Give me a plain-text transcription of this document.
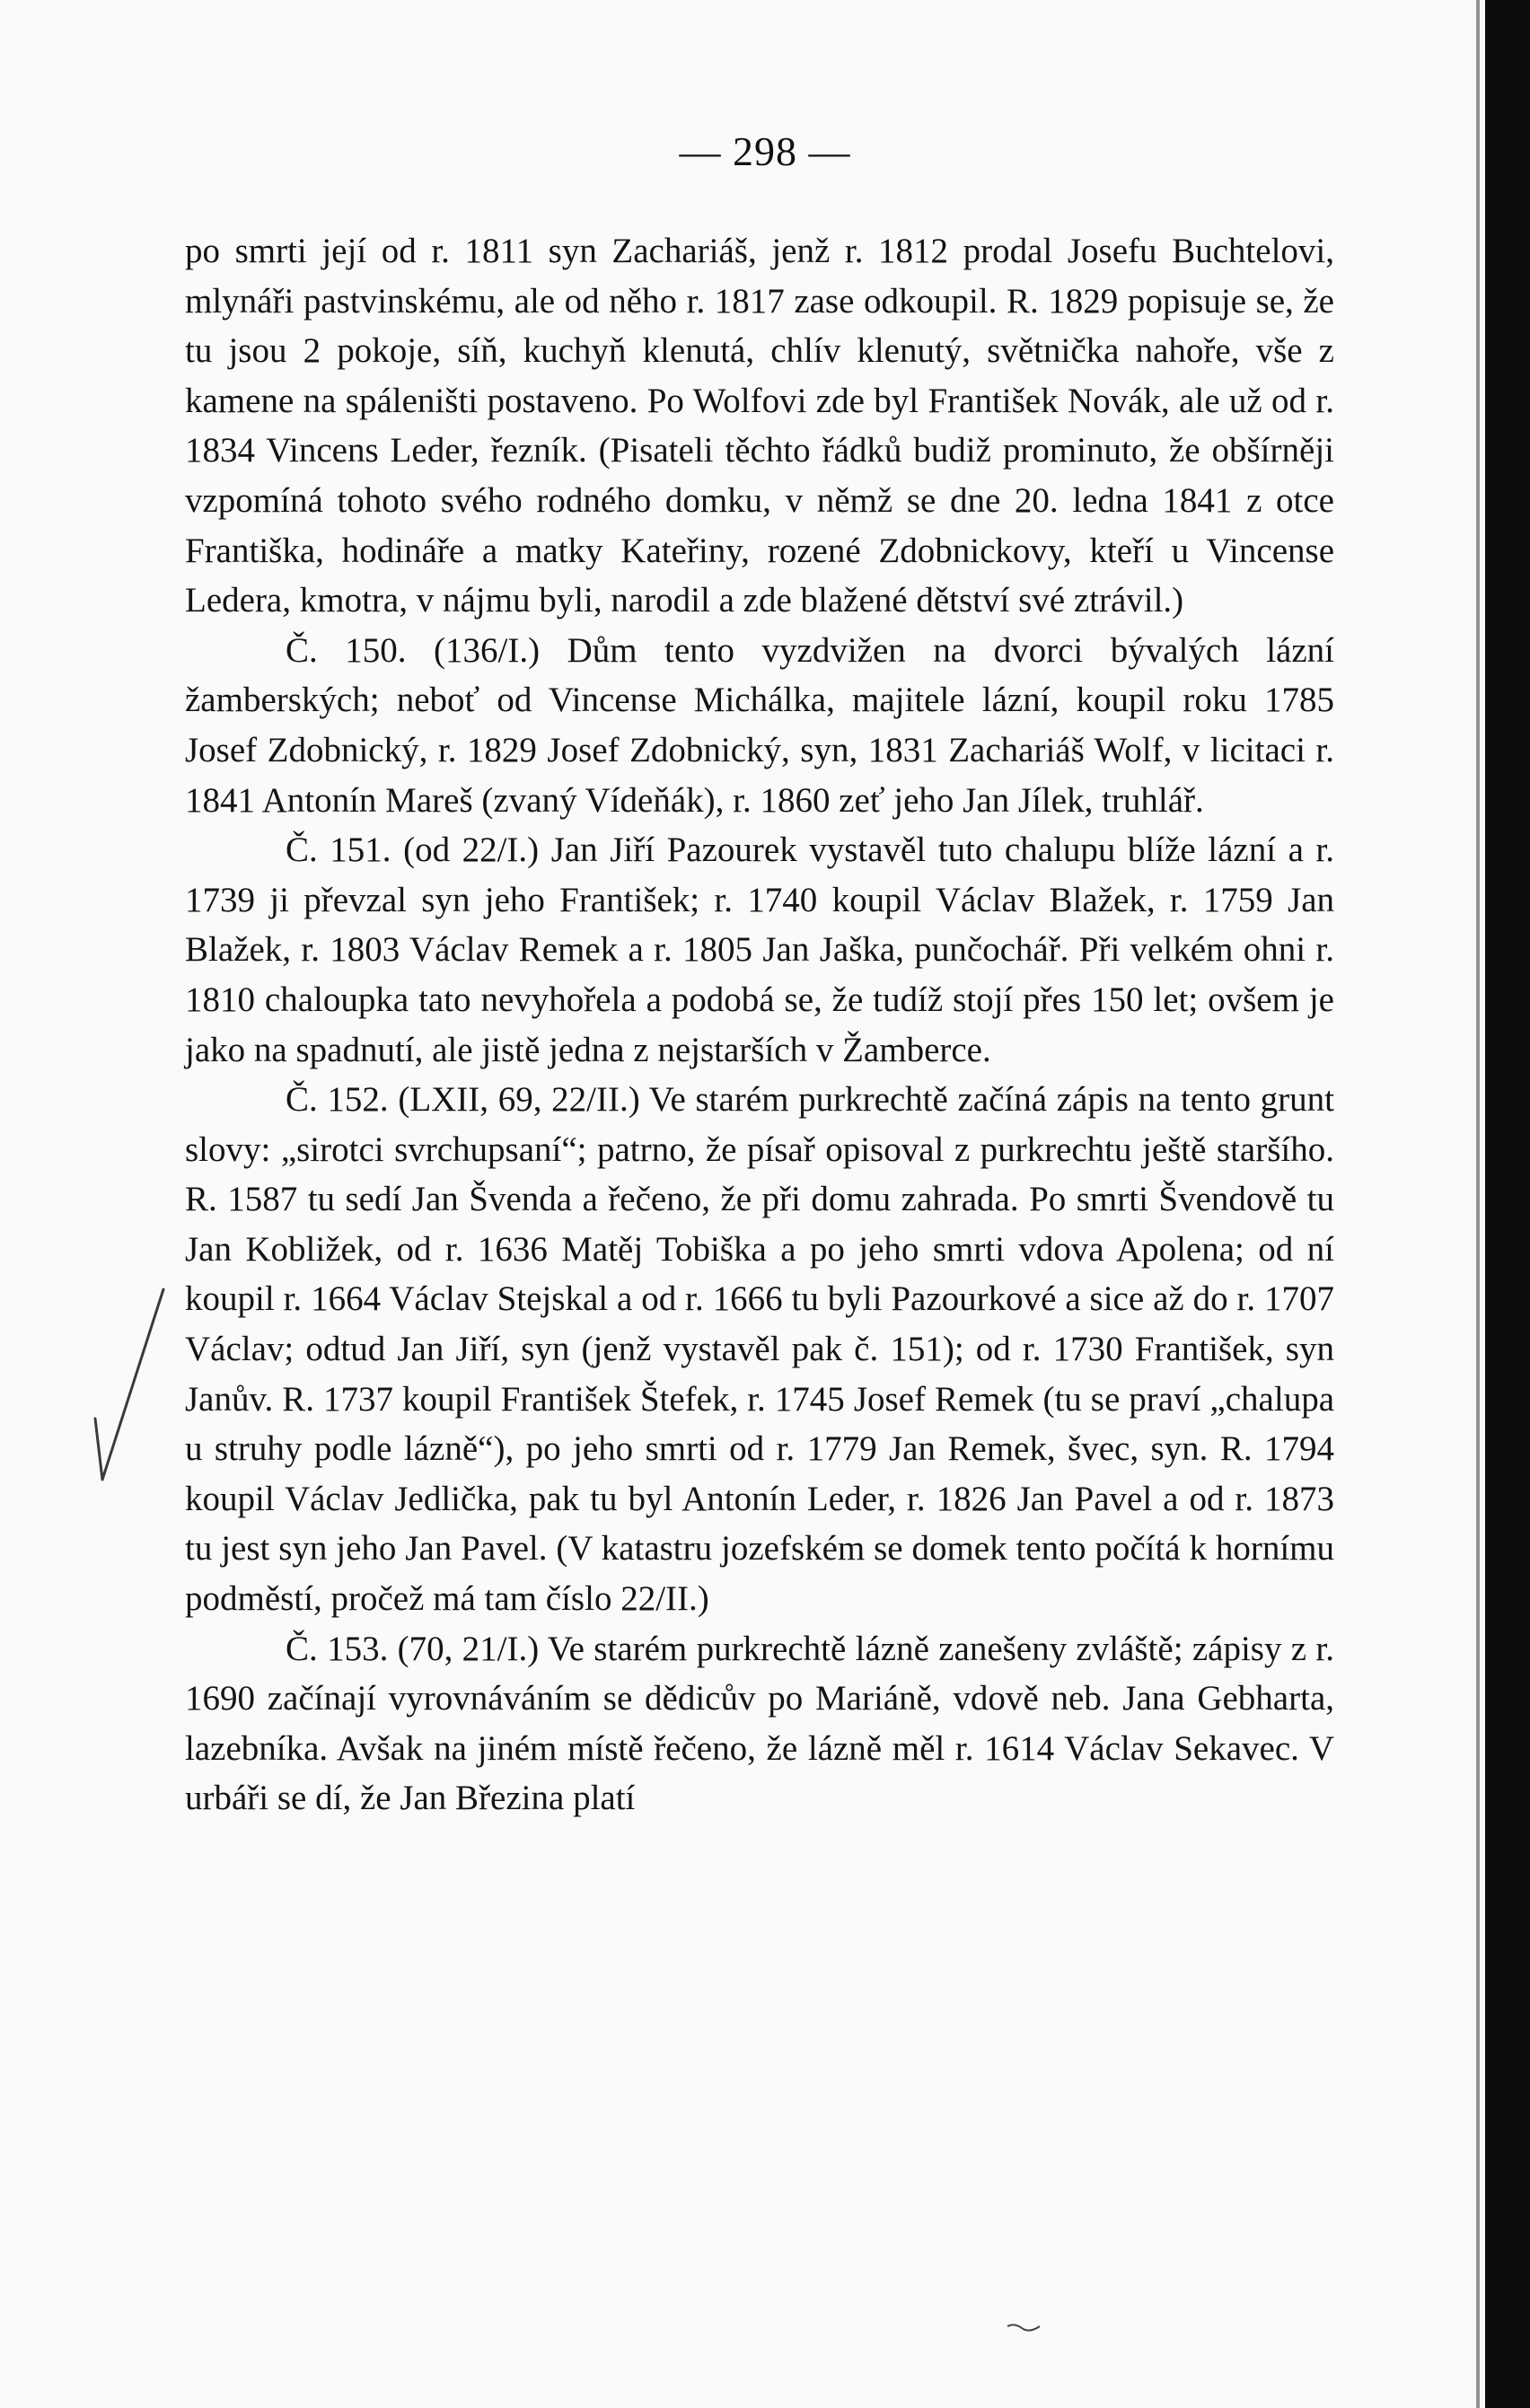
— 298 —

po smrti její od r. 1811 syn Zachariáš, jenž r. 1812 prodal Josefu Buchtelovi, mlynáři pastvinskému, ale od něho r. 1817 zase odkoupil. R. 1829 popisuje se, že tu jsou 2 pokoje, síň, kuchyň klenutá, chlív klenutý, světnička nahoře, vše z kamene na spáleništi postaveno. Po Wolfovi zde byl František Novák, ale už od r. 1834 Vincens Leder, řezník. (Pisateli těchto řádků budiž prominuto, že obšírněji vzpomíná tohoto svého rodného domku, v němž se dne 20. ledna 1841 z otce Františka, hodináře a matky Kateřiny, rozené Zdobnickovy, kteří u Vincense Ledera, kmotra, v nájmu byli, narodil a zde blažené dětství své ztrávil.)

Č. 150. (136/I.) Dům tento vyzdvižen na dvorci bývalých lázní žamberských; neboť od Vincense Michálka, majitele lázní, koupil roku 1785 Josef Zdobnický, r. 1829 Josef Zdobnický, syn, 1831 Zachariáš Wolf, v licitaci r. 1841 Antonín Mareš (zvaný Vídeňák), r. 1860 zeť jeho Jan Jílek, truhlář.

Č. 151. (od 22/I.) Jan Jiří Pazourek vystavěl tuto chalupu blíže lázní a r. 1739 ji převzal syn jeho František; r. 1740 koupil Václav Blažek, r. 1759 Jan Blažek, r. 1803 Václav Remek a r. 1805 Jan Jaška, punčochář. Při velkém ohni r. 1810 chaloupka tato nevyhořela a podobá se, že tudíž stojí přes 150 let; ovšem je jako na spadnutí, ale jistě jedna z nejstarších v Žamberce.

Č. 152. (LXII, 69, 22/II.) Ve starém purkrechtě začíná zápis na tento grunt slovy: „sirotci svrchupsaní“; patrno, že písař opisoval z purkrechtu ještě staršího. R. 1587 tu sedí Jan Švenda a řečeno, že při domu zahrada. Po smrti Švendově tu Jan Kobližek, od r. 1636 Matěj Tobiška a po jeho smrti vdova Apolena; od ní koupil r. 1664 Václav Stejskal a od r. 1666 tu byli Pazourkové a sice až do r. 1707 Václav; odtud Jan Jiří, syn (jenž vystavěl pak č. 151); od r. 1730 František, syn Janův. R. 1737 koupil František Štefek, r. 1745 Josef Remek (tu se praví „chalupa u struhy podle lázně“), po jeho smrti od r. 1779 Jan Remek, švec, syn. R. 1794 koupil Václav Jedlička, pak tu byl Antonín Leder, r. 1826 Jan Pavel a od r. 1873 tu jest syn jeho Jan Pavel. (V katastru jozefském se domek tento počítá k hornímu podměstí, pročež má tam číslo 22/II.)

Č. 153. (70, 21/I.) Ve starém purkrechtě lázně zanešeny zvláště; zápisy z r. 1690 začínají vyrovnáváním se dědicův po Mariáně, vdově neb. Jana Gebharta, lazebníka. Avšak na jiném místě řečeno, že lázně měl r. 1614 Václav Sekavec. V urbáři se dí, že Jan Březina platí
